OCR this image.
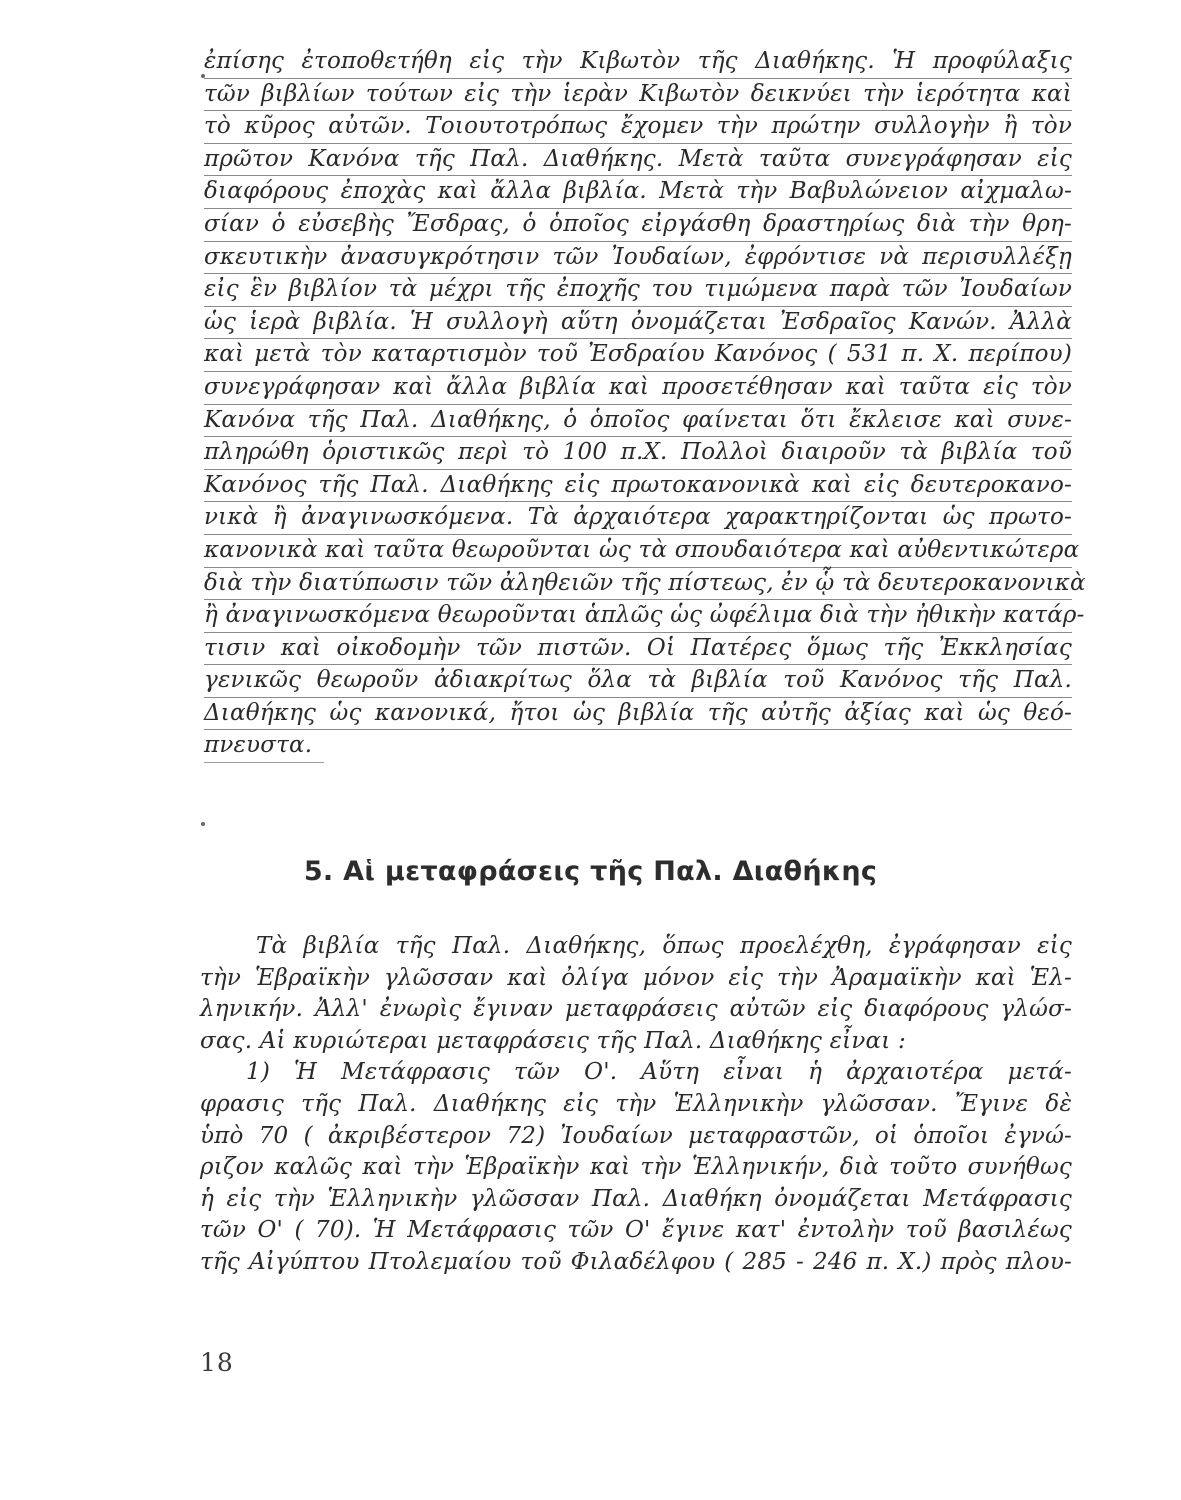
ἐπίσης ἐτοποθετήθη εἰς τὴν Κιβωτὸν τῆς Διαθήκης. Ἡ προφύλαξις
τῶν βιβλίων τούτων εἰς τὴν ἱερὰν Κιβωτὸν δεικνύει τὴν ἱερότητα καὶ
τὸ κῦρος αὐτῶν. Τοιουτοτρόπως ἔχομεν τὴν πρώτην συλλογὴν ἢ τὸν
πρῶτον Κανόνα τῆς Παλ. Διαθήκης. Μετὰ ταῦτα συνεγράφησαν εἰς
διαφόρους ἐποχὰς καὶ ἄλλα βιβλία. Μετὰ τὴν Βαβυλώνειον αἰχμαλω-
σίαν ὁ εὐσεβὴς Ἔσδρας, ὁ ὁποῖος εἰργάσθη δραστηρίως διὰ τὴν θρη-
σκευτικὴν ἀνασυγκρότησιν τῶν Ἰουδαίων, ἐφρόντισε νὰ περισυλλέξῃ
εἰς ἓν βιβλίον τὰ μέχρι τῆς ἐποχῆς του τιμώμενα παρὰ τῶν Ἰουδαίων
ὡς ἱερὰ βιβλία. Ἡ συλλογὴ αὕτη ὀνομάζεται Ἐσδραῖος Κανών. Ἀλλὰ
καὶ μετὰ τὸν καταρτισμὸν τοῦ Ἐσδραίου Κανόνος ( 531 π. Χ. περίπου)
συνεγράφησαν καὶ ἄλλα βιβλία καὶ προσετέθησαν καὶ ταῦτα εἰς τὸν
Κανόνα τῆς Παλ. Διαθήκης, ὁ ὁποῖος φαίνεται ὅτι ἔκλεισε καὶ συνε-
πληρώθη ὁριστικῶς περὶ τὸ 100 π.Χ. Πολλοὶ διαιροῦν τὰ βιβλία τοῦ
Κανόνος τῆς Παλ. Διαθήκης εἰς πρωτοκανονικὰ καὶ εἰς δευτεροκανο-
νικὰ ἢ ἀναγινωσκόμενα. Τὰ ἀρχαιότερα χαρακτηρίζονται ὡς πρωτο-
κανονικὰ καὶ ταῦτα θεωροῦνται ὡς τὰ σπουδαιότερα καὶ αὐθεντικώτερα
διὰ τὴν διατύπωσιν τῶν ἀληθειῶν τῆς πίστεως, ἐν ᾧ τὰ δευτεροκανονικὰ
ἢ ἀναγινωσκόμενα θεωροῦνται ἁπλῶς ὡς ὠφέλιμα διὰ τὴν ἠθικὴν κατάρ-
τισιν καὶ οἰκοδομὴν τῶν πιστῶν. Οἱ Πατέρες ὅμως τῆς Ἐκκλησίας
γενικῶς θεωροῦν ἀδιακρίτως ὅλα τὰ βιβλία τοῦ Κανόνος τῆς Παλ.
Διαθήκης ὡς κανονικά, ἤτοι ὡς βιβλία τῆς αὐτῆς ἀξίας καὶ ὡς θεό-
πνευστα.
5. Αἱ μεταφράσεις τῆς Παλ. Διαθήκης
Τὰ βιβλία τῆς Παλ. Διαθήκης, ὅπως προελέχθη, ἐγράφησαν εἰς
τὴν Ἑβραϊκὴν γλῶσσαν καὶ ὀλίγα μόνον εἰς τὴν Ἀραμαϊκὴν καὶ Ἑλ-
ληνικήν. Ἀλλ' ἐνωρὶς ἔγιναν μεταφράσεις αὐτῶν εἰς διαφόρους γλώσ-
σας. Αἱ κυριώτεραι μεταφράσεις τῆς Παλ. Διαθήκης εἶναι :
1) Ἡ Μετάφρασις τῶν Ο'. Αὕτη εἶναι ἡ ἀρχαιοτέρα μετά-
φρασις τῆς Παλ. Διαθήκης εἰς τὴν Ἑλληνικὴν γλῶσσαν. Ἔγινε δὲ
ὑπὸ 70 ( ἀκριβέστερον 72) Ἰουδαίων μεταφραστῶν, οἱ ὁποῖοι ἐγνώ-
ριζον καλῶς καὶ τὴν Ἑβραϊκὴν καὶ τὴν Ἑλληνικήν, διὰ τοῦτο συνήθως
ἡ εἰς τὴν Ἑλληνικὴν γλῶσσαν Παλ. Διαθήκη ὀνομάζεται Μετάφρασις
τῶν Ο' ( 70). Ἡ Μετάφρασις τῶν Ο' ἔγινε κατ' ἐντολὴν τοῦ βασιλέως
τῆς Αἰγύπτου Πτολεμαίου τοῦ Φιλαδέλφου ( 285 - 246 π. Χ.) πρὸς πλου-
18
